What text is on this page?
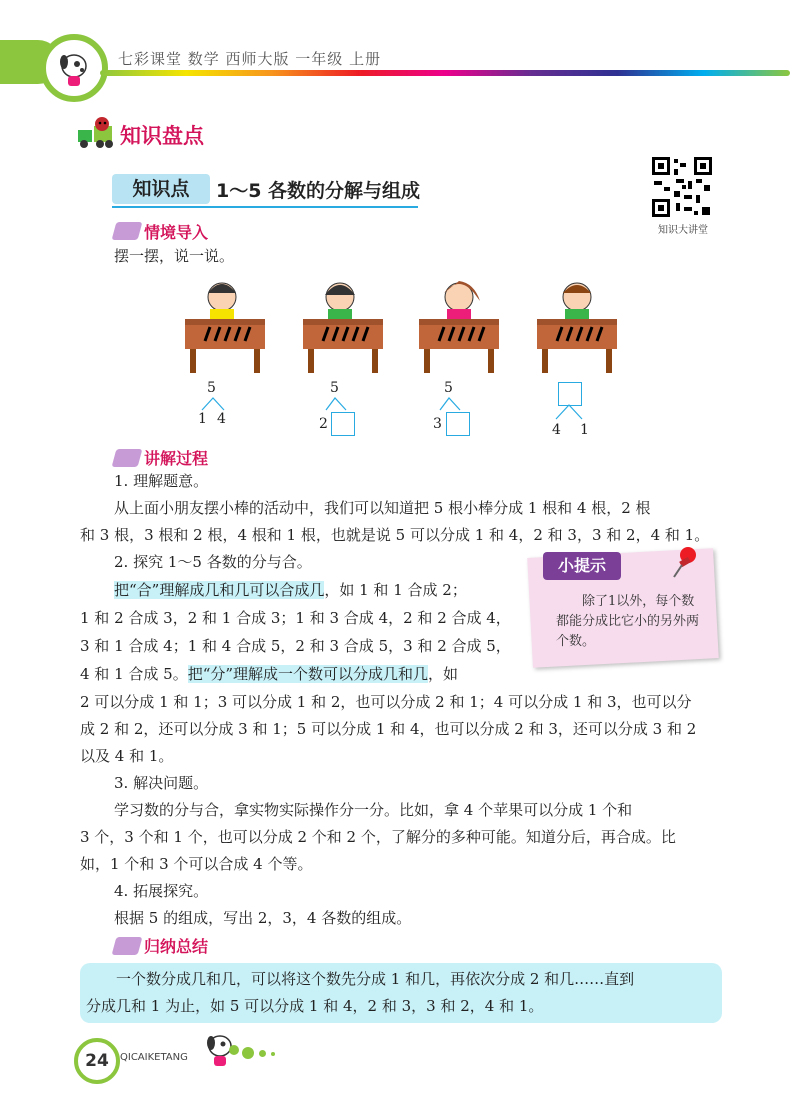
七彩课堂 数学 西师大版 一年级 上册
知识盘点
知识点	1～5 各数的分解与组成
知识大讲堂
情境导入
摆一摆，说一说。
5
1 4
5
2
5
3	4 1
讲解过程
1. 理解题意。
从上面小朋友摆小棒的活动中，我们可以知道把 5 根小棒分成 1 根和 4 根，2 根
和 3 根，3 根和 2 根，4 根和 1 根，也就是说 5 可以分成 1 和 4，2 和 3，3 和 2，4 和 1。
2. 探究 1～5 各数的分与合。
把“合”理解成几和几可以合成几，如 1 和 1 合成 2；
1 和 2 合成 3，2 和 1 合成 3；1 和 3 合成 4，2 和 2 合成 4，
3 和 1 合成 4；1 和 4 合成 5，2 和 3 合成 5，3 和 2 合成 5，
4 和 1 合成 5。把“分”理解成一个数可以分成几和几，如
2 可以分成 1 和 1；3 可以分成 1 和 2，也可以分成 2 和 1；4 可以分成 1 和 3，也可以分
成 2 和 2，还可以分成 3 和 1；5 可以分成 1 和 4，也可以分成 2 和 3，还可以分成 3 和 2
以及 4 和 1。
3. 解决问题。
学习数的分与合，拿实物实际操作分一分。比如，拿 4 个苹果可以分成 1 个和
3 个，3 个和 1 个，也可以分成 2 个和 2 个，了解分的多种可能。知道分后，再合成。比
如，1 个和 3 个可以合成 4 个等。
4. 拓展探究。
根据 5 的组成，写出 2，3，4 各数的组成。
小提示
除了1以外，每个数都能分成比它小的另外两个数。
归纳总结
一个数分成几和几，可以将这个数先分成 1 和几，再依次分成 2 和几……直到
分成几和 1 为止，如 5 可以分成 1 和 4，2 和 3，3 和 2，4 和 1。
24	QICAIKETANG
